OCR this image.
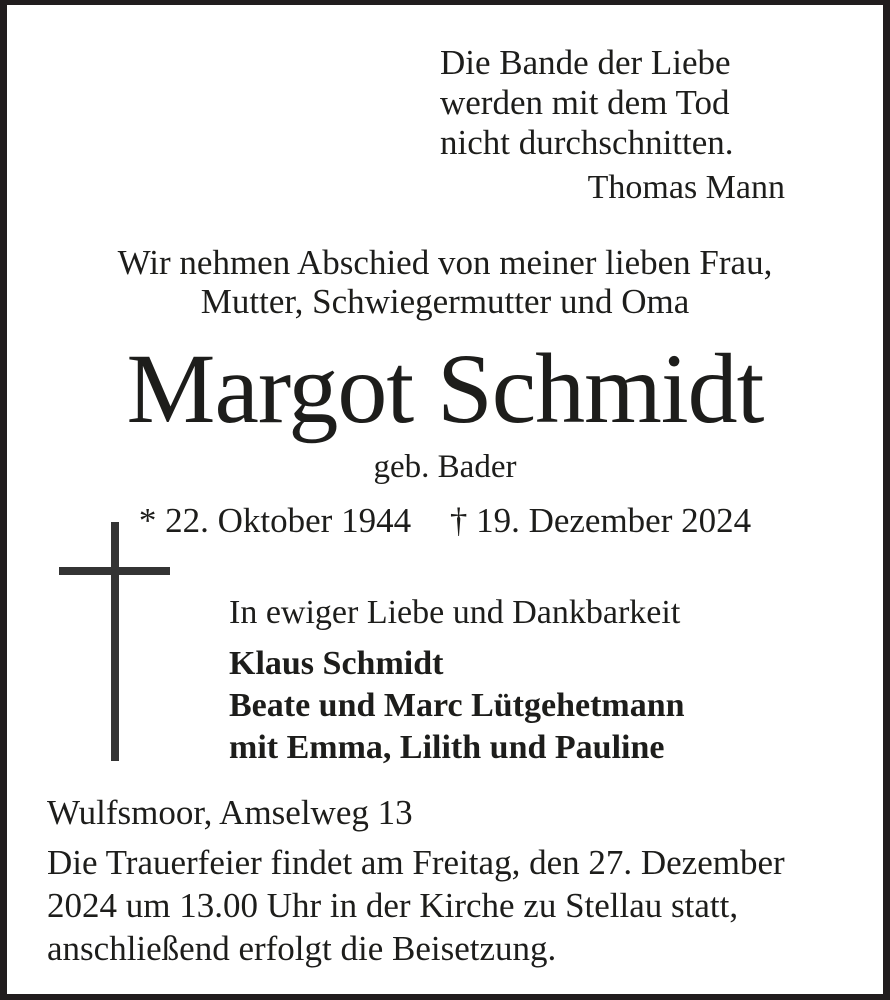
Die Bande der Liebe
werden mit dem Tod
nicht durchschnitten.
Thomas Mann
Wir nehmen Abschied von meiner lieben Frau,
Mutter, Schwiegermutter und Oma
Margot Schmidt
geb. Bader
* 22. Oktober 1944 † 19. Dezember 2024
In ewiger Liebe und Dankbarkeit
Klaus Schmidt
Beate und Marc Lütgehetmann
mit Emma, Lilith und Pauline
Wulfsmoor, Amselweg 13
Die Trauerfeier findet am Freitag, den 27. Dezember 2024 um 13.00 Uhr in der Kirche zu Stellau statt, anschließend erfolgt die Beisetzung.
